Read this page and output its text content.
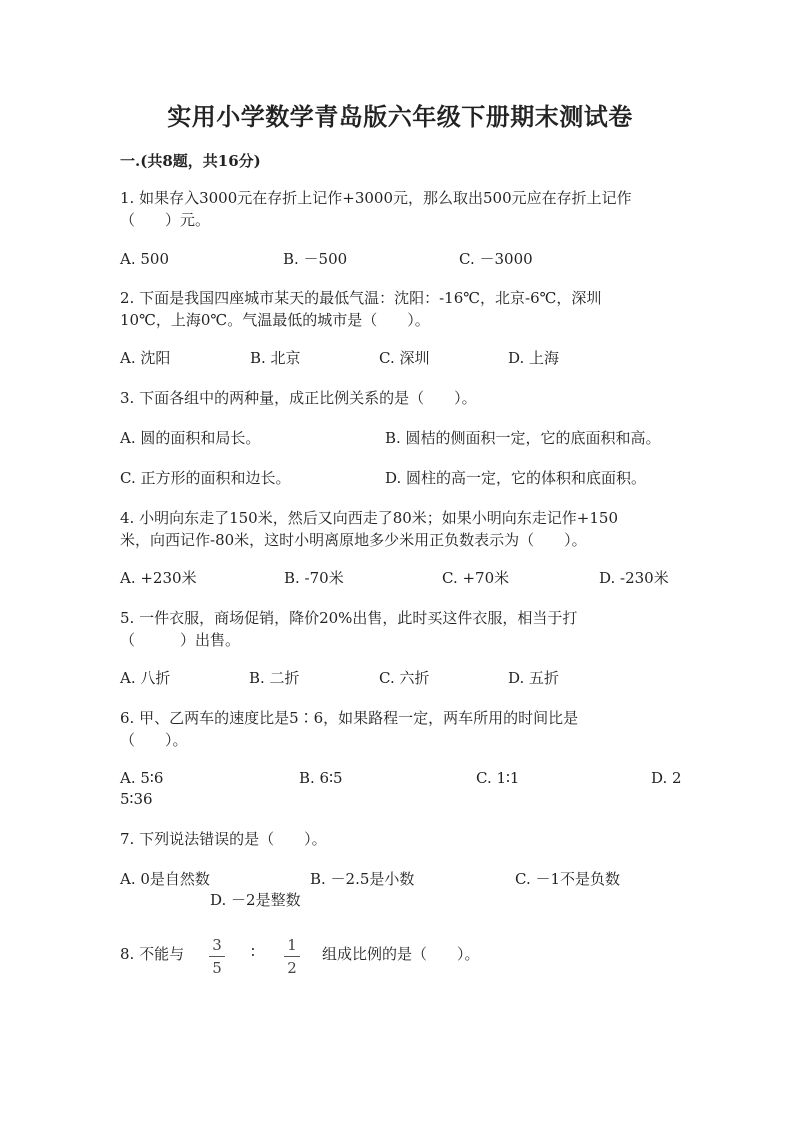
实用小学数学青岛版六年级下册期末测试卷
一.(共8题，共16分)
1. 如果存入3000元在存折上记作+3000元，那么取出500元应在存折上记作
（　　）元。
A. 500	B. －500	C. －3000
2. 下面是我国四座城市某天的最低气温：沈阳：-16℃，北京-6℃，深圳
10℃，上海0℃。气温最低的城市是（　　）。
A. 沈阳	B. 北京	C. 深圳	D. 上海
3. 下面各组中的两种量，成正比例关系的是（　　）。
A. 圆的面积和局长。	B. 圆桔的侧面积一定，它的底面积和高。
C. 正方形的面积和边长。	D. 圆柱的高一定，它的体积和底面积。
4. 小明向东走了150米，然后又向西走了80米；如果小明向东走记作+150
米，向西记作-80米，这时小明离原地多少米用正负数表示为（　　）。
A. +230米	B. -70米	C. +70米	D. -230米
5. 一件衣服，商场促销，降价20%出售，此时买这件衣服，相当于打
（　　　）出售。
A. 八折	B. 二折	C. 六折	D. 五折
6. 甲、乙两车的速度比是5∶6，如果路程一定，两车所用的时间比是
（　　）。
A. 5∶6	B. 6∶5	C. 1∶1	D. 2
5∶36
7. 下列说法错误的是（　　）。
A. 0是自然数	B. －2.5是小数	C. －1不是负数
D. －2是整数
8. 不能与 3
5
∶ 1
2
组成比例的是（　　）。
